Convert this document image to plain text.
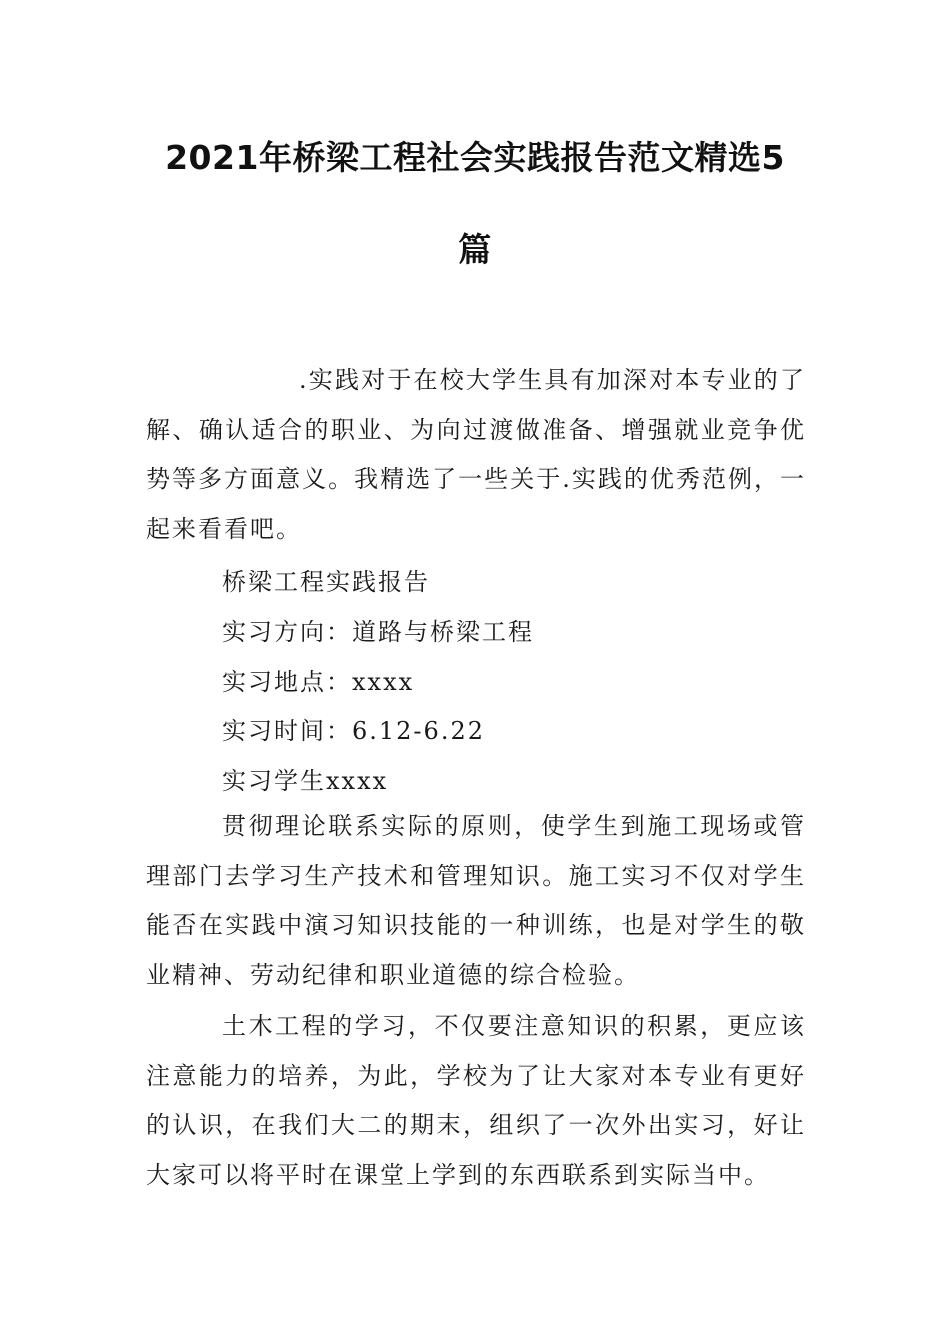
2021年桥梁工程社会实践报告范文精选5
篇

.实践对于在校大学生具有加深对本专业的了解、确认适合的职业、为向过渡做准备、增强就业竞争优势等多方面意义。我精选了一些关于.实践的优秀范例，一起来看看吧。

桥梁工程实践报告
实习方向：道路与桥梁工程
实习地点：xxxx
实习时间：6.12-6.22
实习学生xxxx

贯彻理论联系实际的原则，使学生到施工现场或管理部门去学习生产技术和管理知识。施工实习不仅对学生能否在实践中演习知识技能的一种训练，也是对学生的敬业精神、劳动纪律和职业道德的综合检验。

土木工程的学习，不仅要注意知识的积累，更应该注意能力的培养，为此，学校为了让大家对本专业有更好的认识，在我们大二的期末，组织了一次外出实习，好让大家可以将平时在课堂上学到的东西联系到实际当中。
